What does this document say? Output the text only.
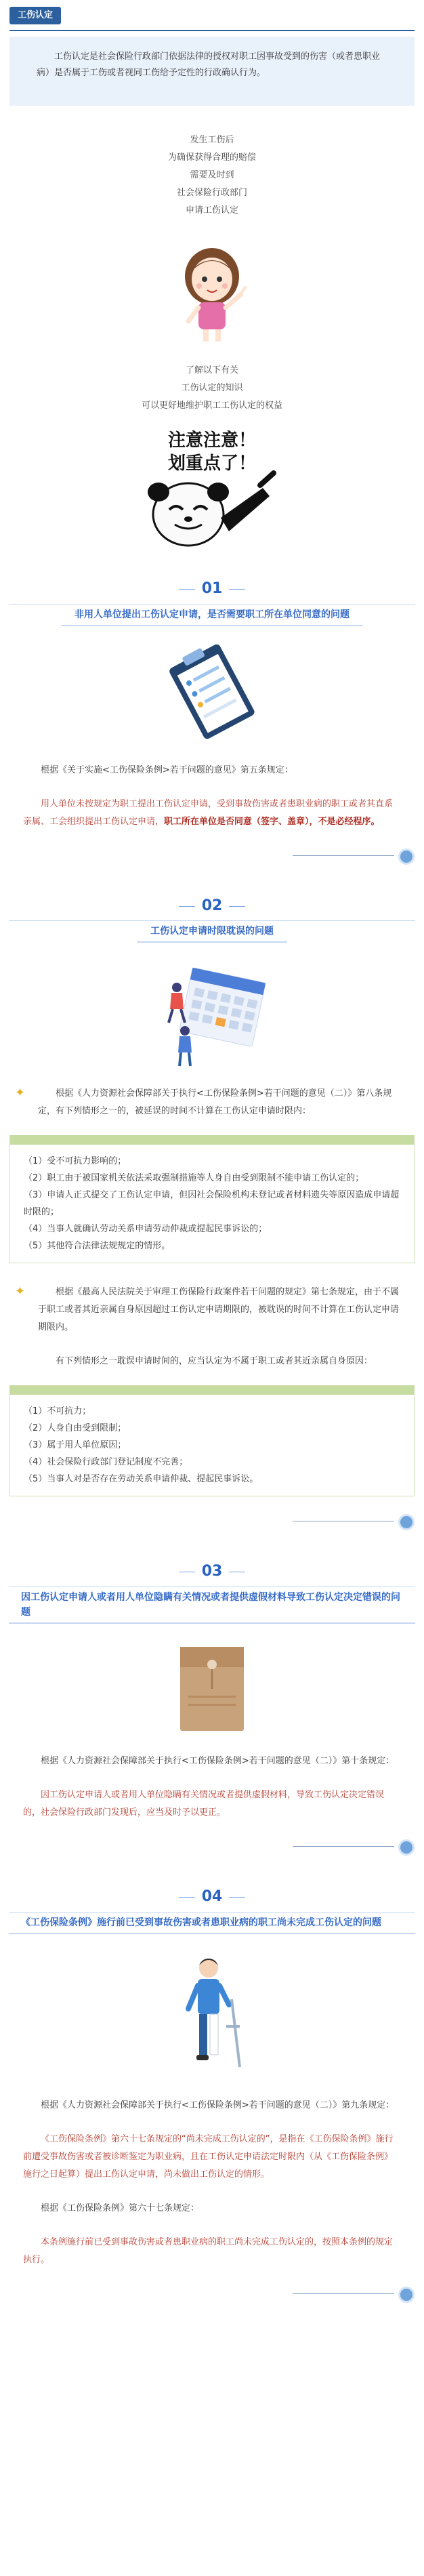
工伤认定

工伤认定是社会保险行政部门依据法律的授权对职工因事故受到的伤害（或者患职业病）是否属于工伤或者视同工伤给予定性的行政确认行为。

发生工伤后
为确保获得合理的赔偿
需要及时到
社会保险行政部门
申请工伤认定
了解以下有关
工伤认定的知识
可以更好地维护职工工伤认定的权益
注意注意！
划重点了！
01
非用人单位提出工伤认定申请，是否需要职工所在单位同意的问题

根据《关于实施<工伤保险条例>若干问题的意见》第五条规定：

用人单位未按规定为职工提出工伤认定申请，受到事故伤害或者患职业病的职工或者其直系亲属、工会组织提出工伤认定申请，职工所在单位是否同意（签字、盖章），不是必经程序。

02
工伤认定申请时限耽误的问题
✦	根据《人力资源社会保障部关于执行<工伤保险条例>若干问题的意见（二）》第八条规定，有下列情形之一的，被延误的时间不计算在工伤认定申请时限内：

（1）受不可抗力影响的；

（2）职工由于被国家机关依法采取强制措施等人身自由受到限制不能申请工伤认定的；

（3）申请人正式提交了工伤认定申请，但因社会保险机构未登记或者材料遗失等原因造成申请超时限的；

（4）当事人就确认劳动关系申请劳动仲裁或提起民事诉讼的；

（5）其他符合法律法规规定的情形。

✦	根据《最高人民法院关于审理工伤保险行政案件若干问题的规定》第七条规定，由于不属于职工或者其近亲属自身原因超过工伤认定申请期限的，被耽误的时间不计算在工伤认定申请期限内。

有下列情形之一耽误申请时间的，应当认定为不属于职工或者其近亲属自身原因：

（1）不可抗力；

（2）人身自由受到限制；

（3）属于用人单位原因；

（4）社会保险行政部门登记制度不完善；

（5）当事人对是否存在劳动关系申请仲裁、提起民事诉讼。

03
因工伤认定申请人或者用人单位隐瞒有关情况或者提供虚假材料导致工伤认定决定错误的问题

根据《人力资源社会保障部关于执行<工伤保险条例>若干问题的意见（二）》第十条规定：

因工伤认定申请人或者用人单位隐瞒有关情况或者提供虚假材料，导致工伤认定决定错误的，社会保险行政部门发现后，应当及时予以更正。

04
《工伤保险条例》施行前已受到事故伤害或者患职业病的职工尚未完成工伤认定的问题

根据《人力资源社会保障部关于执行<工伤保险条例>若干问题的意见（二）》第九条规定：

《工伤保险条例》第六十七条规定的“尚未完成工伤认定的”，是指在《工伤保险条例》施行前遭受事故伤害或者被诊断鉴定为职业病，且在工伤认定申请法定时限内（从《工伤保险条例》施行之日起算）提出工伤认定申请，尚未做出工伤认定的情形。

根据《工伤保险条例》第六十七条规定：

本条例施行前已受到事故伤害或者患职业病的职工尚未完成工伤认定的，按照本条例的规定执行。
